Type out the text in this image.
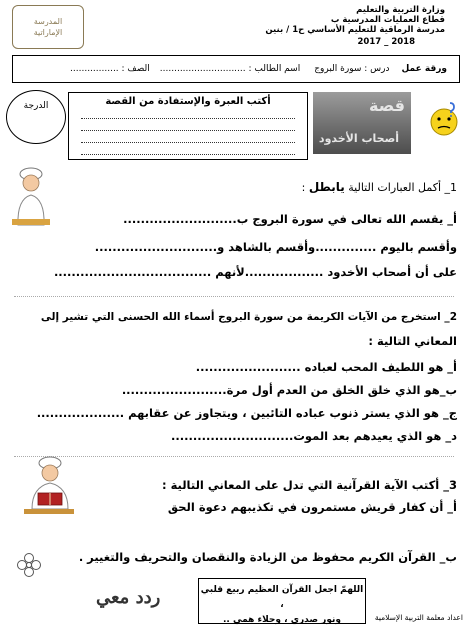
وزارة التربية والتعليم
قطاع العمليات المدرسية ب
مدرسة الرماقية للتعليم الأساسي ح1 / بنين
2017 _ 2018
المدرسة
الإماراتية
ورقة عمل
درس : سورة البروج
اسم الطالب : ..............................
الصف : .................
الدرجة	أكتب العبرة والإستفادة من القصة	قصة
أصحاب الأخدود
1_ أكمل العبارات التالية يابطل :
أ_ يقسم الله تعالى في سورة البروج ب..........................
وأقسم باليوم ..............وأقسم بالشاهد و............................
على أن أصحاب الأخدود ..................لأنهم ....................................
2_ استخرج من الآيات الكريمة من سورة البروج أسماء الله الحسنى التي تشير إلى
المعاني التالية :
أ_ هو اللطيف المحب لعباده ........................
ب_هو الذي خلق الخلق من العدم أول مرة........................
ج_ هو الذي يستر ذنوب عباده التائبين ، ويتجاوز عن عقابهم ....................
د_ هو الذي يعيدهم بعد الموت............................
3_ أكتب الآية القرآنية التي تدل على المعاني التالية :
أ_ أن كفار قريش مستمرون في تكذيبهم دعوة الحق
ب_ القرآن الكريم محفوظ من الزيادة والنقصان والتحريف والتغيير .
ردد معي	اللهمّ اجعل القرآن العظيم ربيع قلبي ،
ونور صدري ، وجلاء همي ..	اعداد معلمة التربية الإسلامية
